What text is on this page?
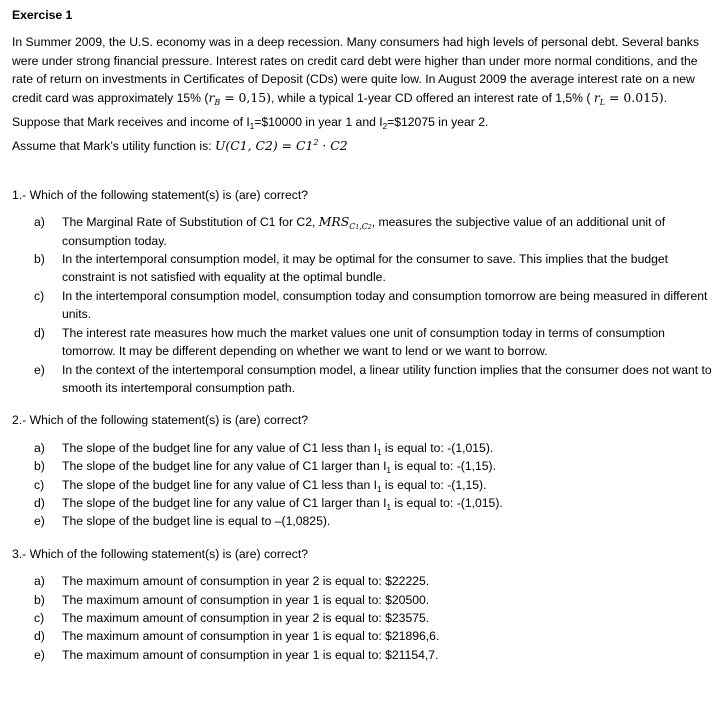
Exercise 1

In Summer 2009, the U.S. economy was in a deep recession. Many consumers had high levels of personal debt. Several banks were under strong financial pressure. Interest rates on credit card debt were higher than under more normal conditions, and the rate of return on investments in Certificates of Deposit (CDs) were quite low. In August 2009 the average interest rate on a new credit card was approximately 15% $(r_B = 0,15)$, while a typical 1-year CD offered an interest rate of 1,5% ( $r_L = 0.015$).

Suppose that Mark receives and income of $I_1=\$10000$ in year 1 and $I_2=\$12075$ in year 2.

Assume that Mark’s utility function is: U(C1, $C2) = C1^2 \cdot C2$

1.- Which of the following statement(s) is (are) correct?

a)	The Marginal Rate of Substitution of C1 for C2, $MRS_{C1,C2}$, measures the subjective value of an additional unit of consumption today.
b)	In the intertemporal consumption model, it may be optimal for the consumer to save. This implies that the budget constraint is not satisfied with equality at the optimal bundle.
c)	In the intertemporal consumption model, consumption today and consumption tomorrow are being measured in different units.
d)	The interest rate measures how much the market values one unit of consumption today in terms of consumption tomorrow. It may be different depending on whether we want to lend or we want to borrow.
e)	In the context of the intertemporal consumption model, a linear utility function implies that the consumer does not want to smooth its intertemporal consumption path.

2.- Which of the following statement(s) is (are) correct?

a)	The slope of the budget line for any value of C1 less than $I_1$ is equal to: -(1,015).
b)	The slope of the budget line for any value of C1 larger than $I_1$ is equal to: -(1,15).
c)	The slope of the budget line for any value of C1 less than $I_1$ is equal to: -(1,15).
d)	The slope of the budget line for any value of C1 larger than $I_1$ is equal to: -(1,015).
e)	The slope of the budget line is equal to –(1,0825).

3.- Which of the following statement(s) is (are) correct?

a)	The maximum amount of consumption in year 2 is equal to: $22225.
b)	The maximum amount of consumption in year 1 is equal to: $20500.
c)	The maximum amount of consumption in year 2 is equal to: $23575.
d)	The maximum amount of consumption in year 1 is equal to: $21896,6.
e)	The maximum amount of consumption in year 1 is equal to: $21154,7.
